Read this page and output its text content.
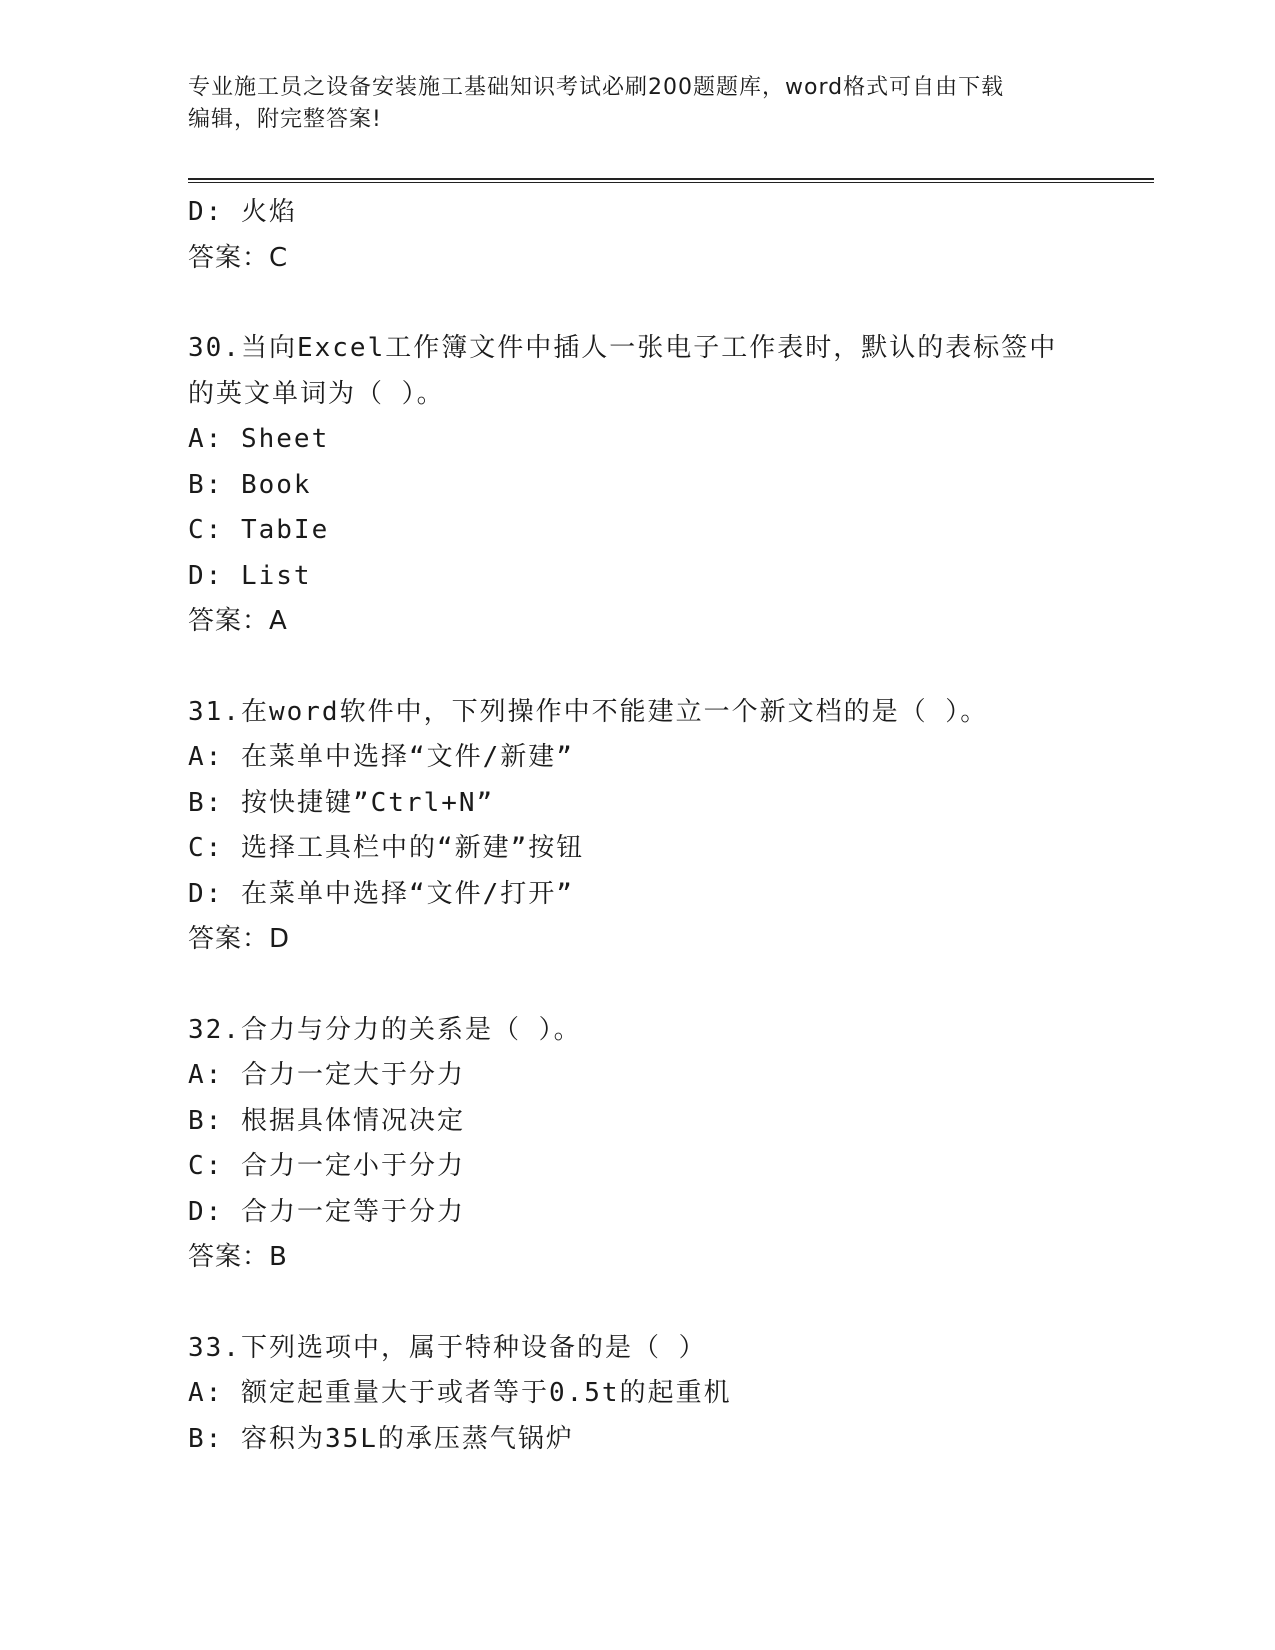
专业施工员之设备安装施工基础知识考试必刷200题题库，word格式可自由下载
编辑，附完整答案!
D: 火焰
答案：C
30.当向Excel工作簿文件中插人一张电子工作表时，默认的表标签中
的英文单词为（ ）。
A: Sheet
B: Book
C: TabIe
D: List
答案：A
31.在word软件中，下列操作中不能建立一个新文档的是（ ）。
A: 在菜单中选择“文件/新建”
B: 按快捷键”Ctrl+N”
C: 选择工具栏中的“新建”按钮
D: 在菜单中选择“文件/打开”
答案：D
32.合力与分力的关系是（ ）。
A: 合力一定大于分力
B: 根据具体情况决定
C: 合力一定小于分力
D: 合力一定等于分力
答案：B
33.下列选项中，属于特种设备的是（ ）
A: 额定起重量大于或者等于0.5t的起重机
B: 容积为35L的承压蒸气锅炉
